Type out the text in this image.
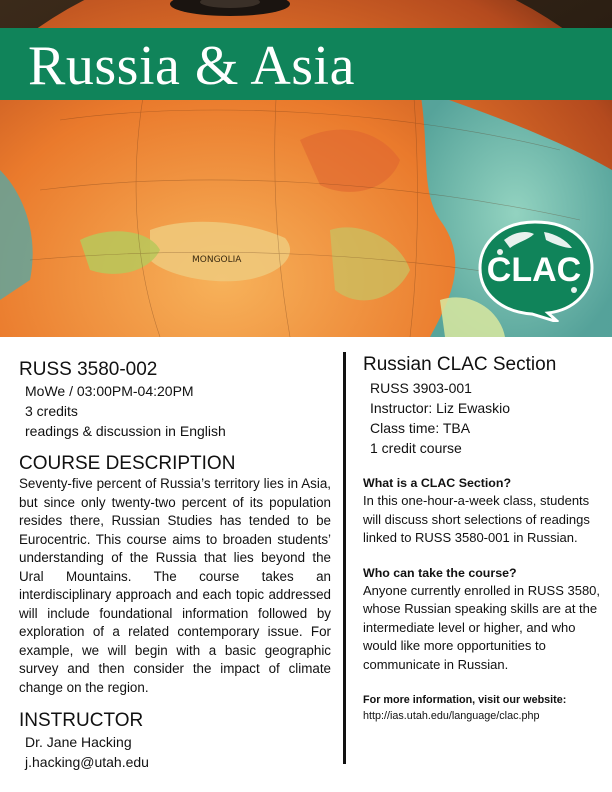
MONGOLIA
Russia & Asia
CLAC
RUSS 3580-002
MoWe / 03:00PM-04:20PM
3 credits
readings & discussion in English
COURSE DESCRIPTION

Seventy-five percent of Russia’s territory lies in Asia, but since only twenty-two percent of its population resides there, Russian Studies has tended to be Eurocentric. This course aims to broaden students’ understanding of the Russia that lies beyond the Ural Mountains. The course takes an interdisciplinary approach and each topic addressed will include foundational information followed by exploration of a related contemporary issue. For example, we will begin with a basic geographic survey and then consider the impact of climate change on the region.

INSTRUCTOR
Dr. Jane Hacking
j.hacking@utah.edu
Russian CLAC Section
RUSS 3903-001
Instructor: Liz Ewaskio
Class time: TBA
1 credit course

What is a CLAC Section?

In this one-hour-a-week class, students will discuss short selections of readings linked to RUSS 3580-001 in Russian.

Who can take the course?

Anyone currently enrolled in RUSS 3580, whose Russian speaking skills are at the intermediate level or higher, and who would like more opportunities to communicate in Russian.

For more information, visit our website:

http://ias.utah.edu/language/clac.php
